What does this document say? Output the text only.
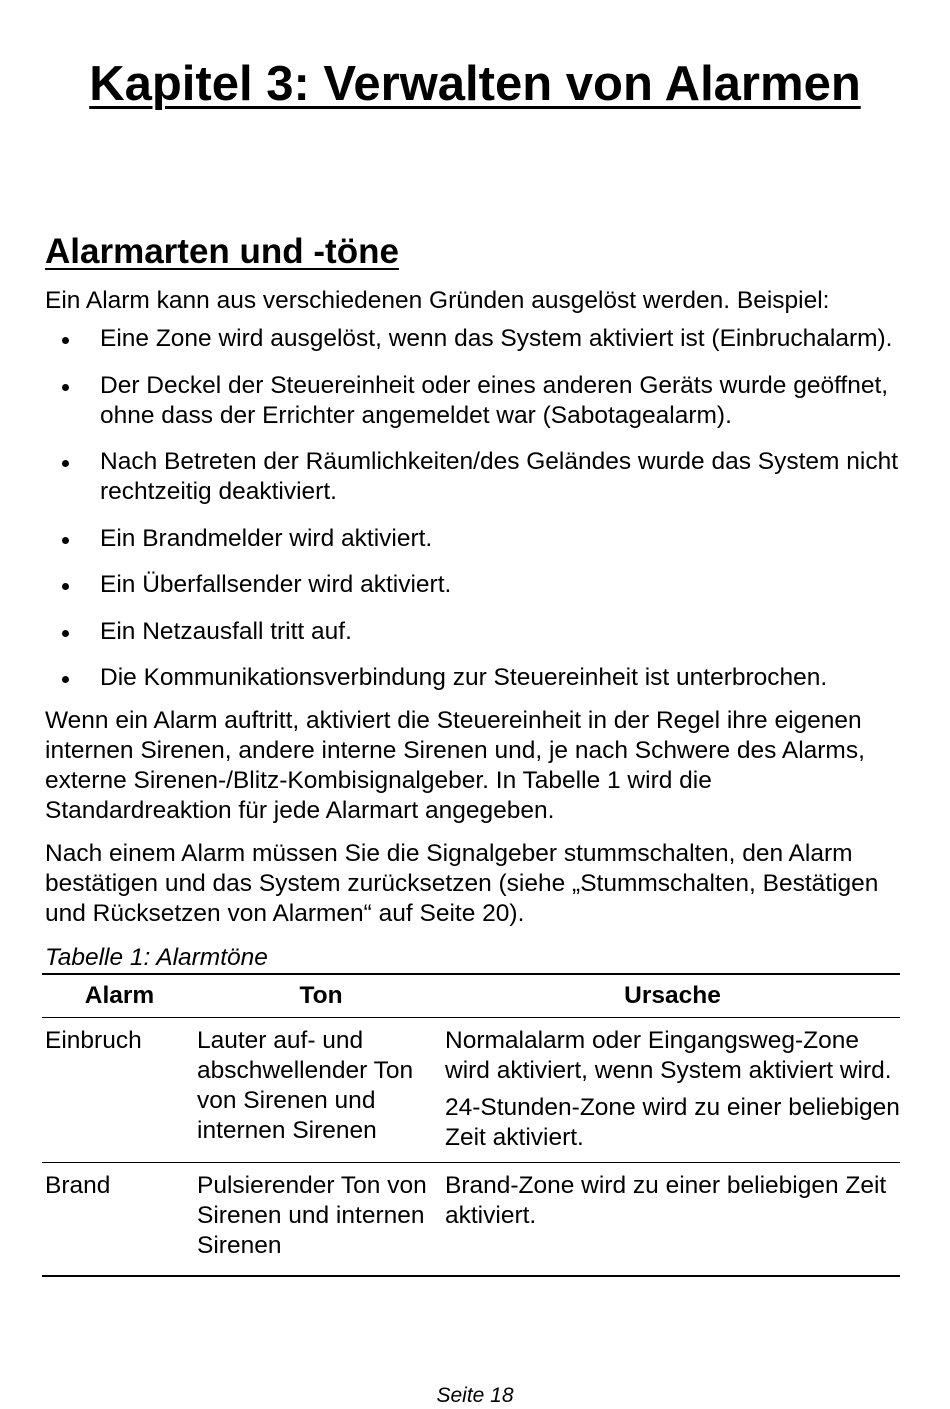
Kapitel 3: Verwalten von Alarmen
Alarmarten und -töne

Ein Alarm kann aus verschiedenen Gründen ausgelöst werden. Beispiel:

Eine Zone wird ausgelöst, wenn das System aktiviert ist (Einbruchalarm).
Der Deckel der Steuereinheit oder eines anderen Geräts wurde geöffnet, ohne dass der Errichter angemeldet war (Sabotagealarm).
Nach Betreten der Räumlichkeiten/des Geländes wurde das System nicht rechtzeitig deaktiviert.
Ein Brandmelder wird aktiviert.
Ein Überfallsender wird aktiviert.
Ein Netzausfall tritt auf.
Die Kommunikationsverbindung zur Steuereinheit ist unterbrochen.

Wenn ein Alarm auftritt, aktiviert die Steuereinheit in der Regel ihre eigenen internen Sirenen, andere interne Sirenen und, je nach Schwere des Alarms, externe Sirenen-/Blitz-Kombisignalgeber. In Tabelle 1 wird die Standardreaktion für jede Alarmart angegeben.

Nach einem Alarm müssen Sie die Signalgeber stummschalten, den Alarm bestätigen und das System zurücksetzen (siehe „Stummschalten, Bestätigen und Rücksetzen von Alarmen“ auf Seite 20).

Tabelle 1: Alarmtöne

Alarm	Ton	Ursache
Einbruch	Lauter auf- und abschwellender Ton von Sirenen und internen Sirenen	Normalalarm oder Eingangsweg-Zone wird aktiviert, wenn System aktiviert wird.
24-Stunden-Zone wird zu einer beliebigen Zeit aktiviert.

Brand	Pulsierender Ton von Sirenen und internen Sirenen	Brand-Zone wird zu einer beliebigen Zeit aktiviert.
Seite 18
